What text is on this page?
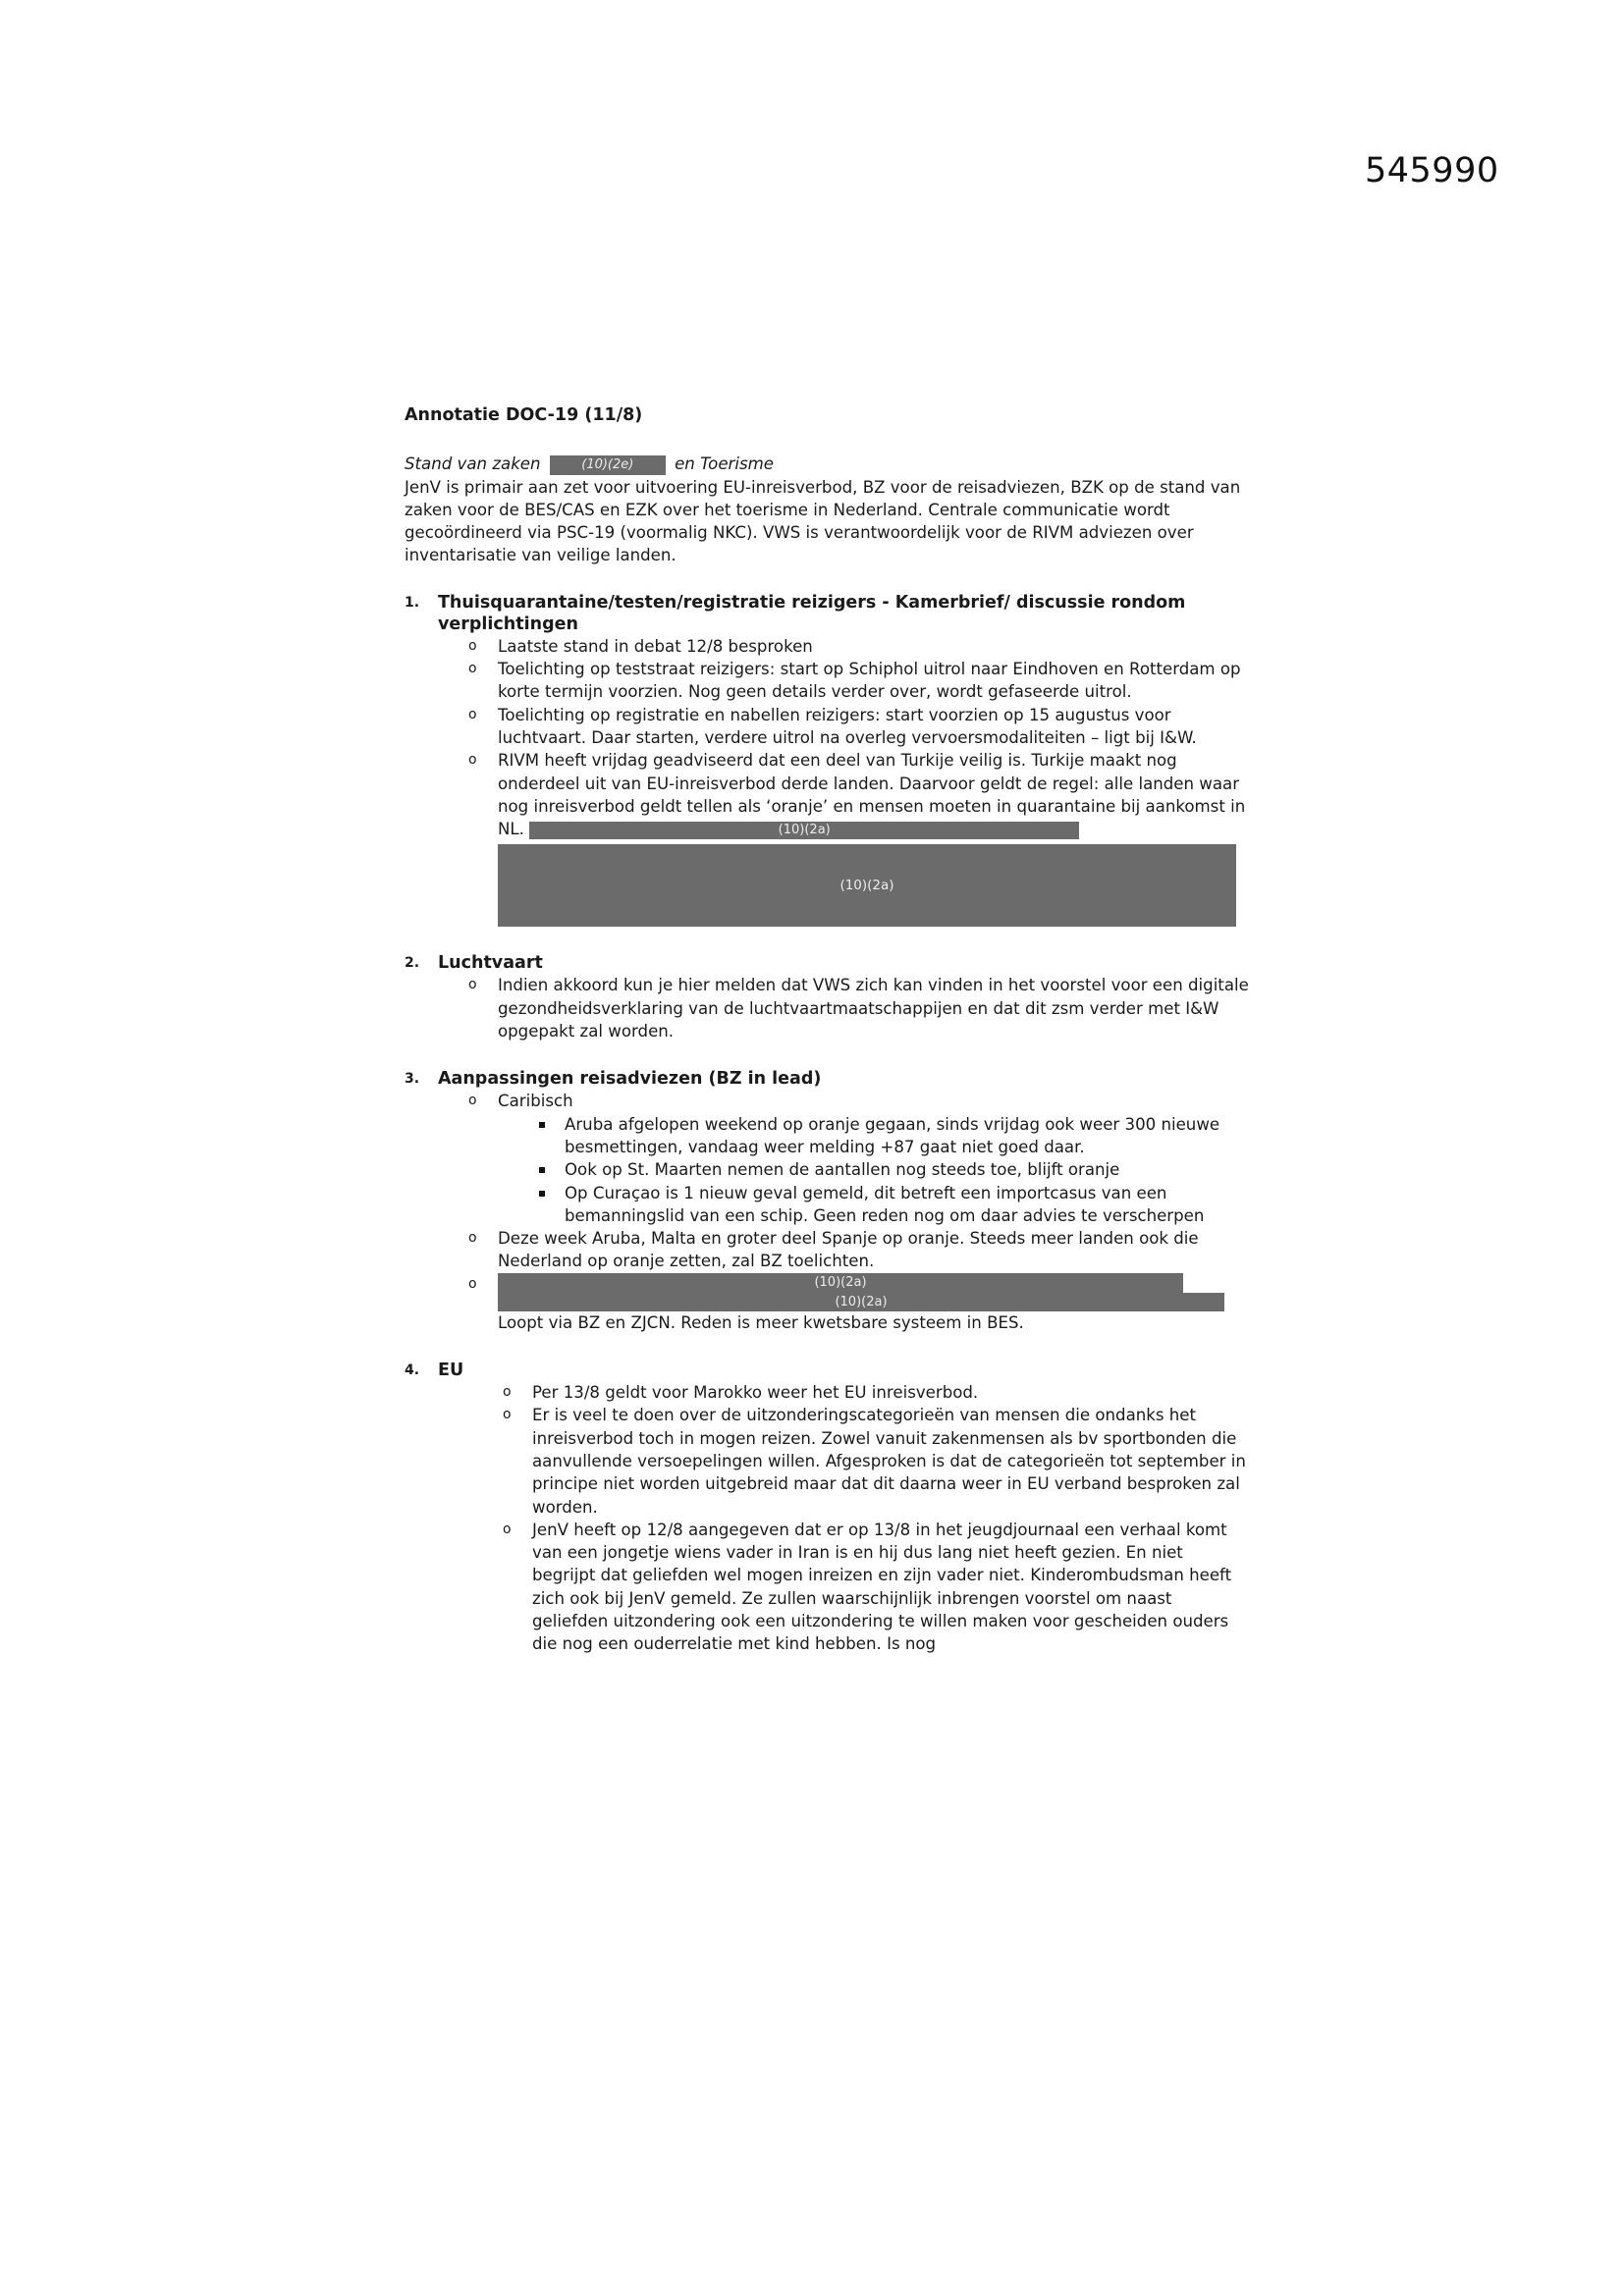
545990

Annotatie DOC-19 (11/8)

Stand van zaken	(10)(2e)	en Toerisme

JenV is primair aan zet voor uitvoering EU-inreisverbod, BZ voor de reisadviezen, BZK op de stand van zaken voor de BES/CAS en EZK over het toerisme in Nederland. Centrale communicatie wordt gecoördineerd via PSC-19 (voormalig NKC). VWS is verantwoordelijk voor de RIVM adviezen over inventarisatie van veilige landen.

1. Thuisquarantaine/testen/registratie reizigers - Kamerbrief/ discussie rondom verplichtingen
o Laatste stand in debat 12/8 besproken
o Toelichting op teststraat reizigers: start op Schiphol uitrol naar Eindhoven en Rotterdam op korte termijn voorzien. Nog geen details verder over, wordt gefaseerde uitrol.
o Toelichting op registratie en nabellen reizigers: start voorzien op 15 augustus voor luchtvaart. Daar starten, verdere uitrol na overleg vervoersmodaliteiten – ligt bij I&W.
o RIVM heeft vrijdag geadviseerd dat een deel van Turkije veilig is. Turkije maakt nog onderdeel uit van EU-inreisverbod derde landen. Daarvoor geldt de regel: alle landen waar nog inreisverbod geldt tellen als ‘oranje’ en mensen moeten in quarantaine bij aankomst in NL.	(10)(2a)
(10)(2a)
2. Luchtvaart
o Indien akkoord kun je hier melden dat VWS zich kan vinden in het voorstel voor een digitale gezondheidsverklaring van de luchtvaartmaatschappijen en dat dit zsm verder met I&W opgepakt zal worden.
3. Aanpassingen reisadviezen (BZ in lead)
o Caribisch
Aruba afgelopen weekend op oranje gegaan, sinds vrijdag ook weer 300 nieuwe besmettingen, vandaag weer melding +87 gaat niet goed daar.
Ook op St. Maarten nemen de aantallen nog steeds toe, blijft oranje
Op Curaçao is 1 nieuw geval gemeld, dit betreft een importcasus van een bemanningslid van een schip. Geen reden nog om daar advies te verscherpen
o Deze week Aruba, Malta en groter deel Spanje op oranje. Steeds meer landen ook die Nederland op oranje zetten, zal BZ toelichten.
o (10)(2a)
(10)(2a)
Loopt via BZ en ZJCN. Reden is meer kwetsbare systeem in BES.
4. EU
o Per 13/8 geldt voor Marokko weer het EU inreisverbod.
o Er is veel te doen over de uitzonderingscategorieën van mensen die ondanks het inreisverbod toch in mogen reizen. Zowel vanuit zakenmensen als bv sportbonden die aanvullende versoepelingen willen. Afgesproken is dat de categorieën tot september in principe niet worden uitgebreid maar dat dit daarna weer in EU verband besproken zal worden.
o JenV heeft op 12/8 aangegeven dat er op 13/8 in het jeugdjournaal een verhaal komt van een jongetje wiens vader in Iran is en hij dus lang niet heeft gezien. En niet begrijpt dat geliefden wel mogen inreizen en zijn vader niet. Kinderombudsman heeft zich ook bij JenV gemeld. Ze zullen waarschijnlijk inbrengen voorstel om naast geliefden uitzondering ook een uitzondering te willen maken voor gescheiden ouders die nog een ouderrelatie met kind hebben. Is nog
